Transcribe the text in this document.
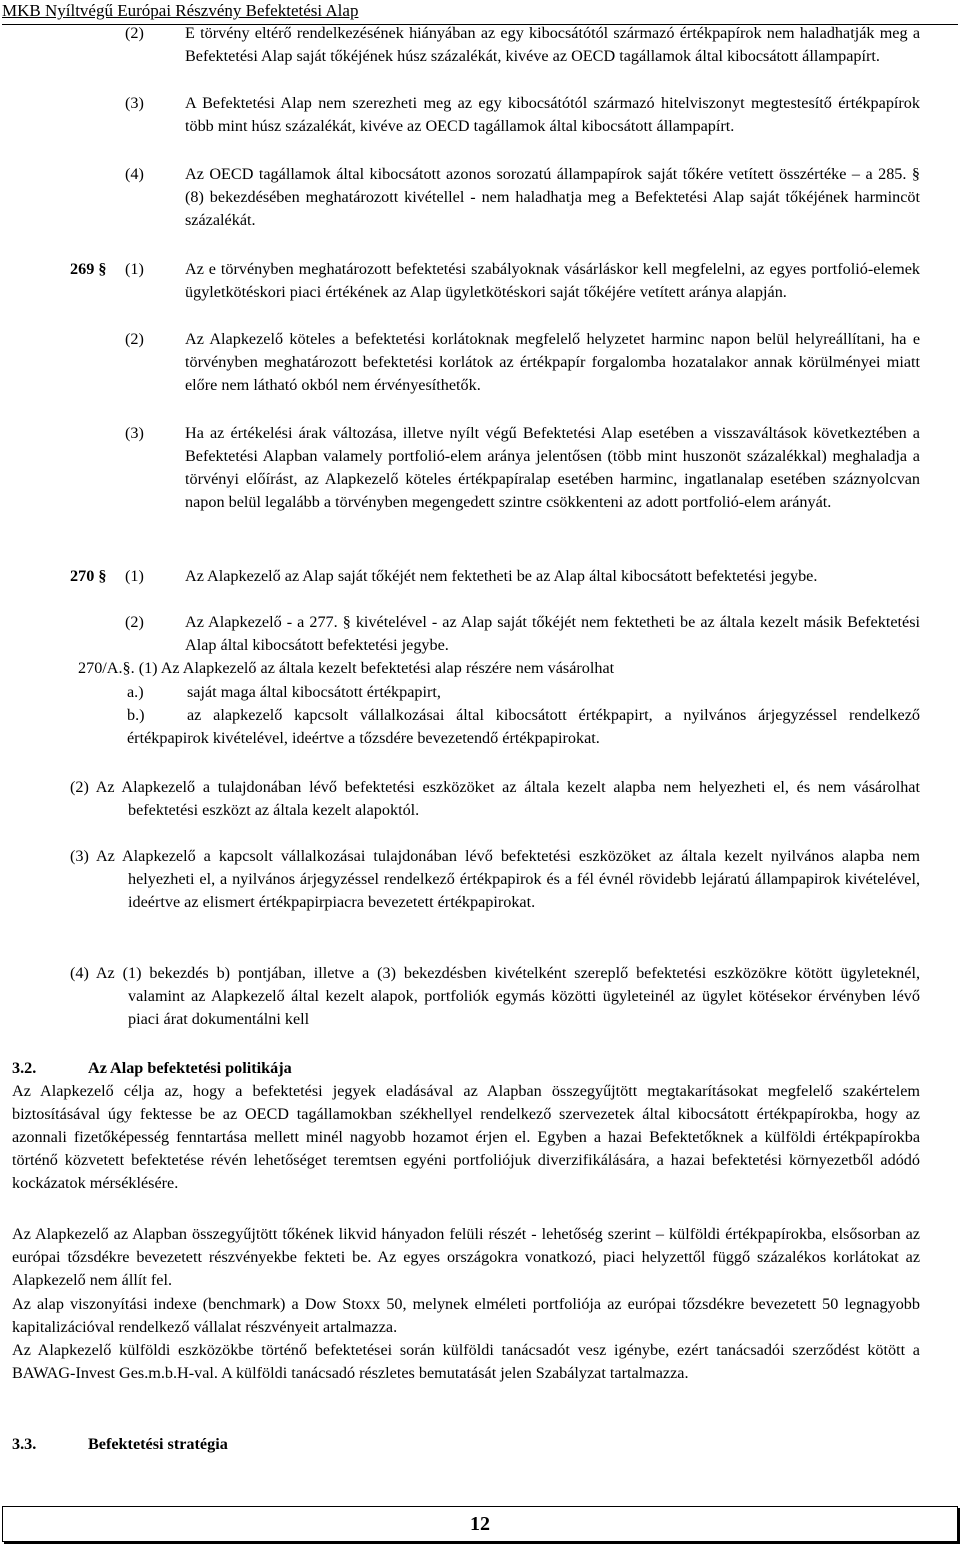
MKB Nyíltvégű Európai Részvény Befektetési Alap
(2)	E törvény eltérő rendelkezésének hiányában az egy kibocsátótól származó értékpapírok nem haladhatják meg a Befektetési Alap saját tőkéjének húsz százalékát, kivéve az OECD tagállamok által kibocsátott állampapírt.
(3)	A Befektetési Alap nem szerezheti meg az egy kibocsátótól származó hitelviszonyt megtestesítő értékpapírok több mint húsz százalékát, kivéve az OECD tagállamok által kibocsátott állampapírt.
(4)	Az OECD tagállamok által kibocsátott azonos sorozatú állampapírok saját tőkére vetített összértéke – a 285. § (8) bekezdésében meghatározott kivétellel - nem haladhatja meg a Befektetési Alap saját tőkéjének harmincöt százalékát.
269 § (1)	Az e törvényben meghatározott befektetési szabályoknak vásárláskor kell megfelelni, az egyes portfolió-elemek ügyletkötéskori piaci értékének az Alap ügyletkötéskori saját tőkéjére vetített aránya alapján.
(2)	Az Alapkezelő köteles a befektetési korlátoknak megfelelő helyzetet harminc napon belül helyreállítani, ha e törvényben meghatározott befektetési korlátok az értékpapír forgalomba hozatalakor annak körülményei miatt előre nem látható okból nem érvényesíthetők.
(3)	Ha az értékelési árak változása, illetve nyílt végű Befektetési Alap esetében a visszaváltások következtében a Befektetési Alapban valamely portfolió-elem aránya jelentősen (több mint huszonöt százalékkal) meghaladja a törvényi előírást, az Alapkezelő köteles értékpapíralap esetében harminc, ingatlanalap esetében száznyolcvan napon belül legalább a törvényben megengedett szintre csökkenteni az adott portfolió-elem arányát.
270 § (1)	Az Alapkezelő az Alap saját tőkéjét nem fektetheti be az Alap által kibocsátott befektetési jegybe.
(2)	Az Alapkezelő - a 277. § kivételével - az Alap saját tőkéjét nem fektetheti be az általa kezelt másik Befektetési Alap által kibocsátott befektetési jegybe.
270/A.§. (1) Az Alapkezelő az általa kezelt befektetési alap részére nem vásárolhat
a.)	saját maga által kibocsátott értékpapirt,
b.)	az alapkezelő kapcsolt vállalkozásai által kibocsátott értékpapirt, a nyilvános árjegyzéssel rendelkező értékpapirok kivételével, ideértve a tőzsdére bevezetendő értékpapirokat.
(2) Az Alapkezelő a tulajdonában lévő befektetési eszközöket az általa kezelt alapba nem helyezheti el, és nem vásárolhat befektetési eszközt az általa kezelt alapoktól.
(3) Az Alapkezelő a kapcsolt vállalkozásai tulajdonában lévő befektetési eszközöket az általa kezelt nyilvános alapba nem helyezheti el, a nyilvános árjegyzéssel rendelkező értékpapirok és a fél évnél rövidebb lejáratú állampapirok kivételével, ideértve az elismert értékpapirpiacra bevezetett értékpapirokat.
(4) Az (1) bekezdés b) pontjában, illetve a (3) bekezdésben kivételként szereplő befektetési eszközökre kötött ügyleteknél, valamint az Alapkezelő által kezelt alapok, portfoliók egymás közötti ügyleteinél az ügylet kötésekor érvényben lévő piaci árat dokumentálni kell
3.2.	Az Alap befektetési politikája
Az Alapkezelő célja az, hogy a befektetési jegyek eladásával az Alapban összegyűjtött megtakarításokat megfelelő szakértelem biztosításával úgy fektesse be az OECD tagállamokban székhellyel rendelkező szervezetek által kibocsátott értékpapírokba, hogy az azonnali fizetőképesség fenntartása mellett minél nagyobb hozamot érjen el. Egyben a hazai Befektetőknek a külföldi értékpapírokba történő közvetett befektetése révén lehetőséget teremtsen egyéni portfoliójuk diverzifikálására, a hazai befektetési környezetből adódó kockázatok mérséklésére.
Az Alapkezelő az Alapban összegyűjtött tőkének likvid hányadon felüli részét - lehetőség szerint – külföldi értékpapírokba, elsősorban az európai tőzsdékre bevezetett részvényekbe fekteti be. Az egyes országokra vonatkozó, piaci helyzettől függő százalékos korlátokat az Alapkezelő nem állít fel.
Az alap viszonyítási indexe (benchmark) a Dow Stoxx 50, melynek elméleti portfoliója az európai tőzsdékre bevezetett 50 legnagyobb kapitalizációval rendelkező vállalat részvényeit artalmazza.
Az Alapkezelő külföldi eszközökbe történő befektetései során külföldi tanácsadót vesz igénybe, ezért tanácsadói szerződést kötött a BAWAG-Invest Ges.m.b.H-val. A külföldi tanácsadó részletes bemutatását jelen Szabályzat tartalmazza.
3.3.	Befektetési stratégia
12
